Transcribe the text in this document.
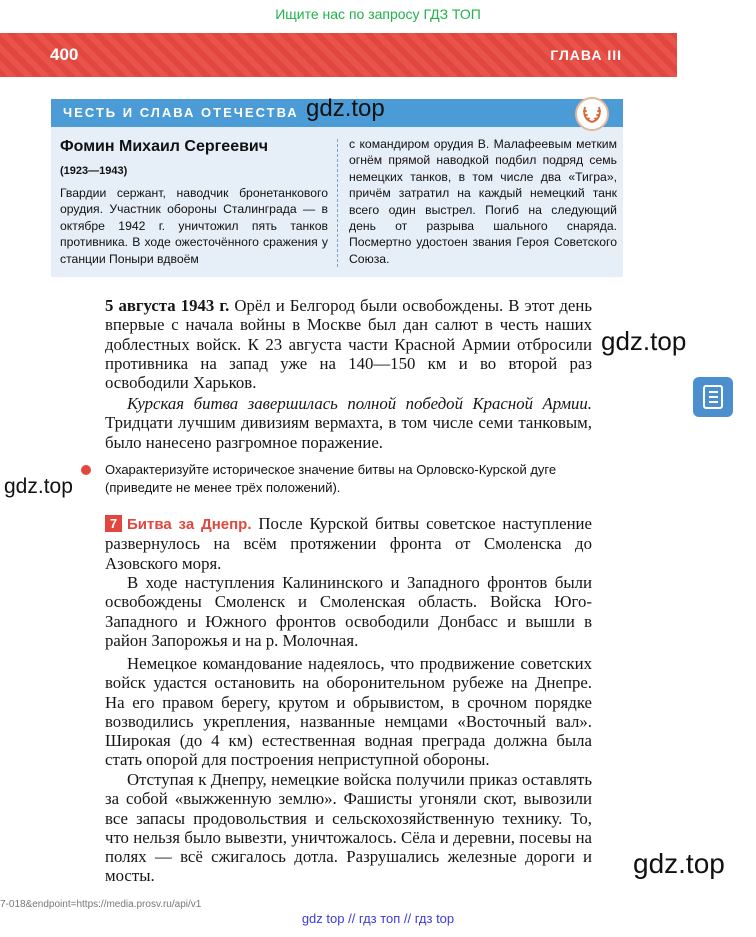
Ищите нас по запросу ГДЗ ТОП
400	ГЛАВА III
ЧЕСТЬ И СЛАВА ОТЕЧЕСТВА
Фомин Михаил Сергеевич
(1923—1943)
Гвардии сержант, наводчик бронетанкового орудия. Участник обороны Сталинграда — в октябре 1942 г. уничтожил пять танков противника. В ходе ожесточённого сражения у станции Поныри вдвоём
с командиром орудия В. Малафеевым метким огнём прямой наводкой подбил подряд семь немецких танков, в том числе два «Тигра», причём затратил на каждый немецкий танк всего один выстрел. Погиб на следующий день от разрыва шального снаряда. Посмертно удостоен звания Героя Советского Союза.
gdz.top
gdz.top
gdz.top
gdz.top
5 августа 1943 г. Орёл и Белгород были освобождены. В этот день впервые с начала войны в Москве был дан салют в честь наших доблестных войск. К 23 августа части Красной Армии отбросили противника на запад уже на 140—150 км и во второй раз освободили Харьков.
Курская битва завершилась полной победой Красной Армии. Тридцати лучшим дивизиям вермахта, в том числе семи танковым, было нанесено разгромное поражение.
Охарактеризуйте историческое значение битвы на Орловско-Курской дуге (приведите не менее трёх положений).
7 Битва за Днепр. После Курской битвы советское наступление развернулось на всём протяжении фронта от Смоленска до Азовского моря.
В ходе наступления Калининского и Западного фронтов были освобождены Смоленск и Смоленская область. Войска Юго-Западного и Южного фронтов освободили Донбасс и вышли в район Запорожья и на р. Молочная.
Немецкое командование надеялось, что продвижение советских войск удастся остановить на оборонительном рубеже на Днепре. На его правом берегу, крутом и обрывистом, в срочном порядке возводились укрепления, названные немцами «Восточный вал». Широкая (до 4 км) естественная водная преграда должна была стать опорой для построения неприступной обороны.
Отступая к Днепру, немецкие войска получили приказ оставлять за собой «выжженную землю». Фашисты угоняли скот, вывозили все запасы продовольствия и сельскохозяйственную технику. То, что нельзя было вывезти, уничтожалось. Сёла и деревни, посевы на полях — всё сжигалось дотла. Разрушались железные дороги и мосты.
7-018&endpoint=https://media.prosv.ru/api/v1
gdz top // гдз топ // гдз top
